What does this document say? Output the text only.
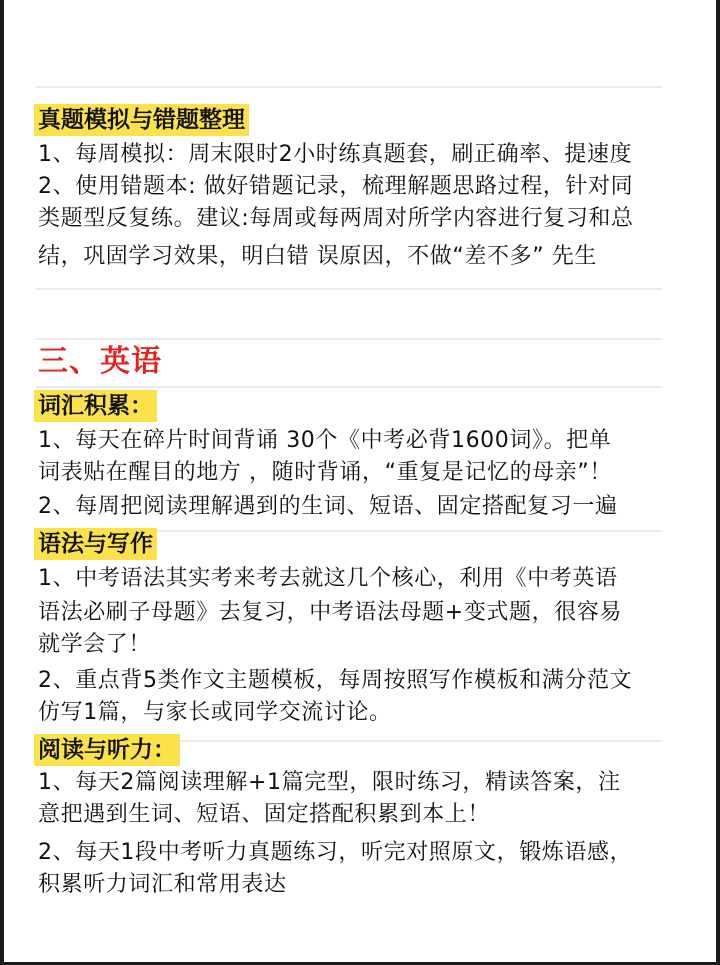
真题模拟与错题整理
1、每周模拟：周末限时2小时练真题套，刷正确率、提速度
2、使用错题本: 做好错题记录，梳理解题思路过程，针对同
类题型反复练。建议:每周或每两周对所学内容进行复习和总
结，巩固学习效果，明白错 误原因，不做“差不多” 先生
三、英语
词汇积累：
1、每天在碎片时间背诵 30个《中考必背1600词》。把单
词表贴在醒目的地方 ，随时背诵，“重复是记忆的母亲”！
2、每周把阅读理解遇到的生词、短语、固定搭配复习一遍
语法与写作
1、中考语法其实考来考去就这几个核心，利用《中考英语
语法必刷子母题》去复习，中考语法母题+变式题，很容易
就学会了！
2、重点背5类作文主题模板，每周按照写作模板和满分范文
仿写1篇，与家长或同学交流讨论。
阅读与听力：
1、每天2篇阅读理解+1篇完型，限时练习，精读答案，注
意把遇到生词、短语、固定搭配积累到本上！
2、每天1段中考听力真题练习，听完对照原文，锻炼语感，
积累听力词汇和常用表达
